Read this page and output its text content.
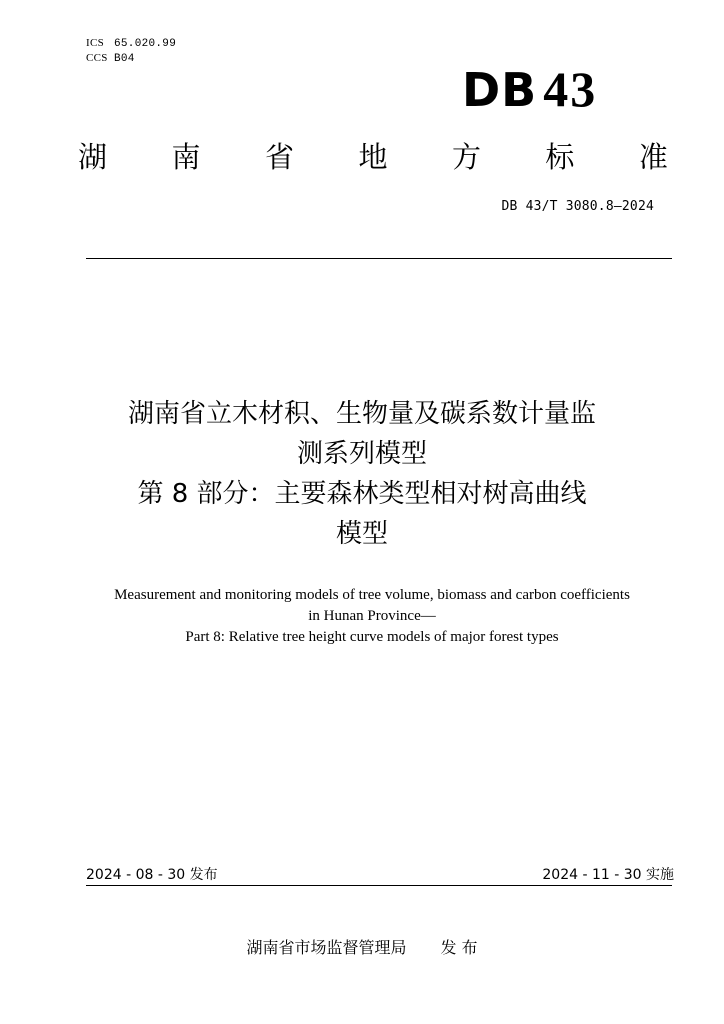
ICS 65.020.99
CCS B04
DB 43
湖 南 省 地 方 标 准
DB 43/T 3080.8—2024
湖南省立木材积、生物量及碳系数计量监
测系列模型
第 8 部分：主要森林类型相对树高曲线
模型
Measurement and monitoring models of tree volume, biomass and carbon coefficients
in Hunan Province—
Part 8: Relative tree height curve models of major forest types
2024 - 08 - 30 发布	2024 - 11 - 30 实施
湖南省市场监督管理局 发 布
